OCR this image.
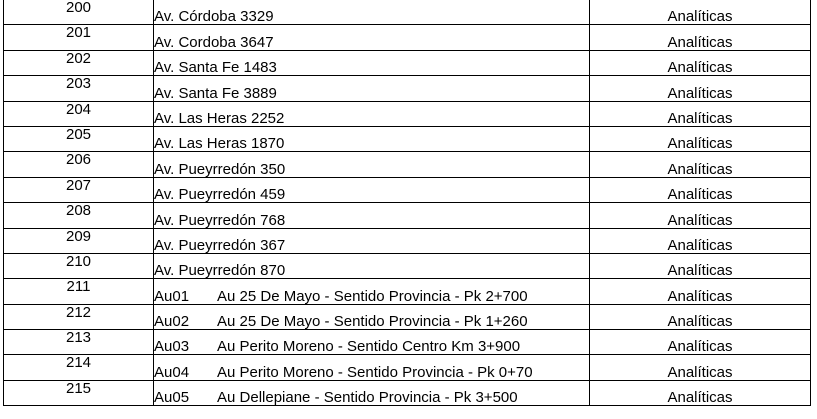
200	Av. Córdoba 3329	Analíticas
201	Av. Cordoba 3647	Analíticas
202	Av. Santa Fe 1483	Analíticas
203	Av. Santa Fe 3889	Analíticas
204	Av. Las Heras 2252	Analíticas
205	Av. Las Heras 1870	Analíticas
206	Av. Pueyrredón 350	Analíticas
207	Av. Pueyrredón 459	Analíticas
208	Av. Pueyrredón 768	Analíticas
209	Av. Pueyrredón 367	Analíticas
210	Av. Pueyrredón 870	Analíticas
211	Au01 Au 25 De Mayo - Sentido Provincia - Pk 2+700	Analíticas
212	Au02 Au 25 De Mayo - Sentido Provincia - Pk 1+260	Analíticas
213	Au03 Au Perito Moreno - Sentido Centro Km 3+900	Analíticas
214	Au04 Au Perito Moreno - Sentido Provincia - Pk 0+70	Analíticas
215	Au05 Au Dellepiane - Sentido Provincia - Pk 3+500	Analíticas
